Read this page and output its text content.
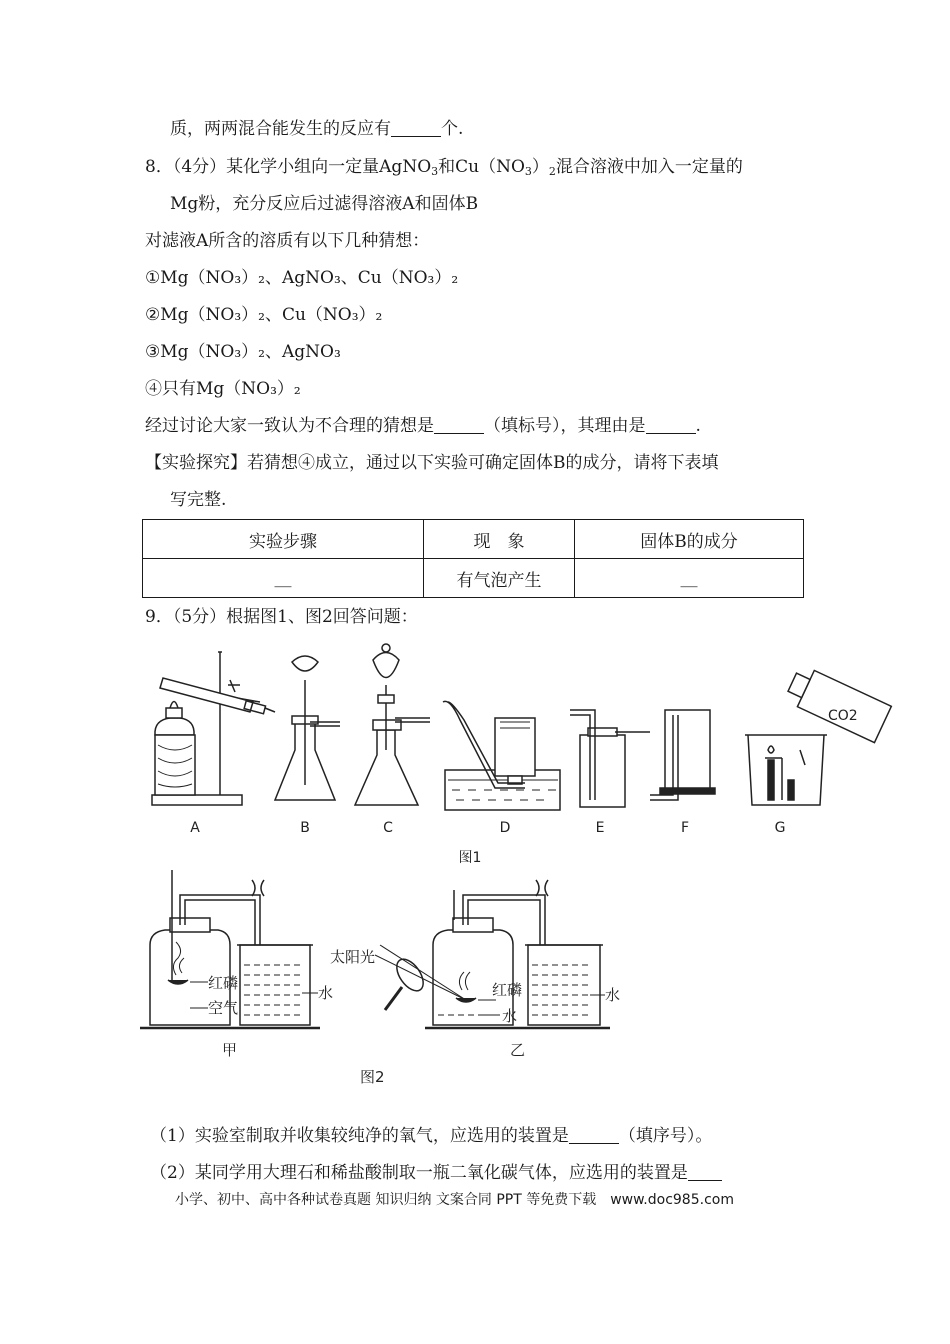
质，两两混合能发生的反应有	个.
8．（4分）某化学小组向一定量AgNO$_3$和$Cu(NO_3)_2$混合溶液中加入一定量的
Mg粉，充分反应后过滤得溶液A和固体B
对滤液A所含的溶质有以下几种猜想：
①Mg（NO₃）₂、AgNO₃、Cu（NO₃）₂
②Mg（NO₃）₂、Cu（NO₃）₂
③Mg（NO₃）₂、AgNO₃
④只有Mg（NO₃）₂
经过讨论大家一致认为不合理的猜想是	（填标号），其理由是	.
【实验探究】若猜想④成立，通过以下实验可确定固体B的成分，请将下表填
写完整.
实验步骤	现　象	固体B的成分
__	有气泡产生	__
9．（5分）根据图1、图2回答问题：
CO2
A	B	C	D	E	F	G
图1
红磷
空气
水
太阳光
红磷
水
水
甲	乙
图2
（1）实验室制取并收集较纯净的氧气，应选用的装置是	（填序号）。
（2）某同学用大理石和稀盐酸制取一瓶二氧化碳气体，应选用的装置是
小学、初中、高中各种试卷真题 知识归纳 文案合同 PPT 等免费下载　www.doc985.com
